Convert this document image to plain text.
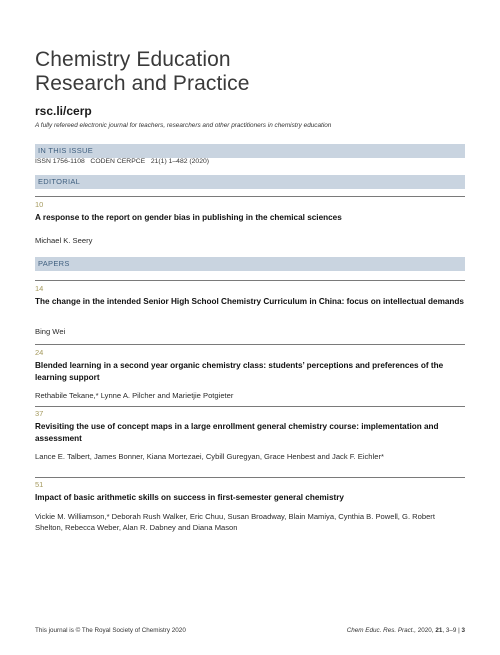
Chemistry Education
Research and Practice
rsc.li/cerp
A fully refereed electronic journal for teachers, researchers and other practitioners in chemistry education
IN THIS ISSUE
ISSN 1756-1108   CODEN CERPCE   21(1) 1–482 (2020)
EDITORIAL
10
A response to the report on gender bias in publishing in the chemical sciences
Michael K. Seery
PAPERS
14
The change in the intended Senior High School Chemistry Curriculum in China: focus on intellectual demands
Bing Wei
24
Blended learning in a second year organic chemistry class: students’ perceptions and preferences of the learning support
Rethabile Tekane,* Lynne A. Pilcher and Marietjie Potgieter
37
Revisiting the use of concept maps in a large enrollment general chemistry course: implementation and assessment
Lance E. Talbert, James Bonner, Kiana Mortezaei, Cybill Guregyan, Grace Henbest and Jack F. Eichler*
51
Impact of basic arithmetic skills on success in first-semester general chemistry
Vickie M. Williamson,* Deborah Rush Walker, Eric Chuu, Susan Broadway, Blain Mamiya, Cynthia B. Powell, G. Robert Shelton, Rebecca Weber, Alan R. Dabney and Diana Mason
This journal is © The Royal Society of Chemistry 2020	Chem Educ. Res. Pract., 2020, 21, 3–9 | 3
